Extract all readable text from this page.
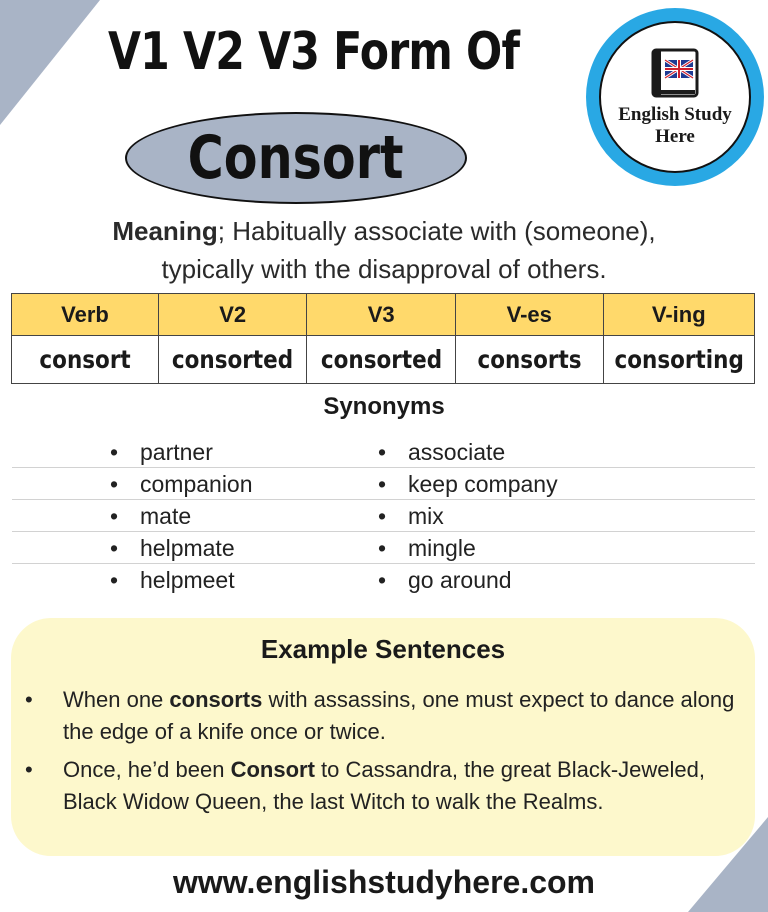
V1 V2 V3 Form Of
Consort
English Study
Here
Meaning; Habitually associate with (someone),
typically with the disapproval of others.
Verb	V2	V3	V-es	V-ing
consort	consorted	consorted	consorts	consorting
Synonyms
• partner	• associate
• companion	• keep company
• mate	• mix
• helpmate	• mingle
• helpmeet	• go around
Example Sentences
•	When one consorts with assassins, one must expect to dance along the edge of a knife once or twice.
•	Once, he’d been Consort to Cassandra, the great Black-Jeweled, Black Widow Queen, the last Witch to walk the Realms.
www.englishstudyhere.com
